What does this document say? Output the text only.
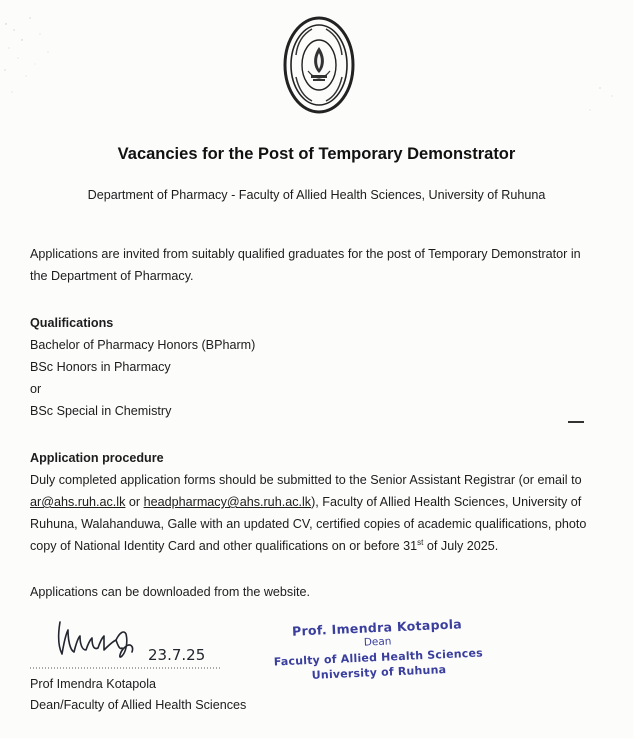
Vacancies for the Post of Temporary Demonstrator
Department of Pharmacy - Faculty of Allied Health Sciences, University of Ruhuna
Applications are invited from suitably qualified graduates for the post of Temporary Demonstrator in
the Department of Pharmacy.
Qualifications
Bachelor of Pharmacy Honors (BPharm)
BSc Honors in Pharmacy
or
BSc Special in Chemistry
Application procedure
Duly completed application forms should be submitted to the Senior Assistant Registrar (or email to
ar@ahs.ruh.ac.lk or headpharmacy@ahs.ruh.ac.lk), Faculty of Allied Health Sciences, University of
Ruhuna, Walahanduwa, Galle with an updated CV, certified copies of academic qualifications, photo
copy of National Identity Card and other qualifications on or before 31st of July 2025.
Applications can be downloaded from the website.
23.7.25
Prof Imendra Kotapola
Dean/Faculty of Allied Health Sciences
Prof. Imendra Kotapola
Dean
Faculty of Allied Health Sciences
University of Ruhuna
